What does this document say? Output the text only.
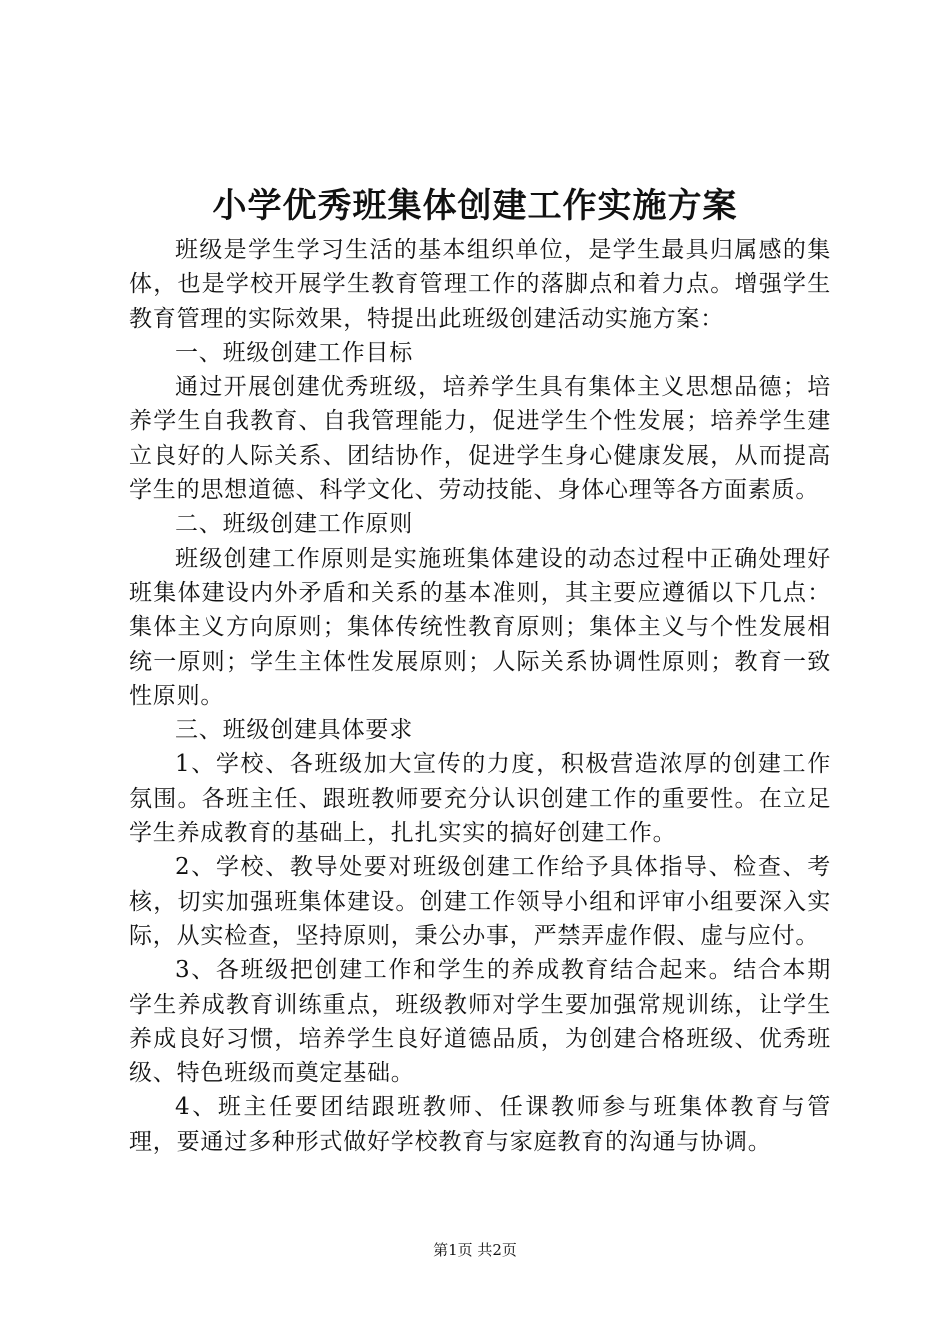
小学优秀班集体创建工作实施方案

班级是学生学习生活的基本组织单位，是学生最具归属感的集体，也是学校开展学生教育管理工作的落脚点和着力点。增强学生教育管理的实际效果，特提出此班级创建活动实施方案：

一、班级创建工作目标

通过开展创建优秀班级，培养学生具有集体主义思想品德；培养学生自我教育、自我管理能力，促进学生个性发展；培养学生建立良好的人际关系、团结协作，促进学生身心健康发展，从而提高学生的思想道德、科学文化、劳动技能、身体心理等各方面素质。

二、班级创建工作原则

班级创建工作原则是实施班集体建设的动态过程中正确处理好班集体建设内外矛盾和关系的基本准则，其主要应遵循以下几点：集体主义方向原则；集体传统性教育原则；集体主义与个性发展相统一原则；学生主体性发展原则；人际关系协调性原则；教育一致性原则。

三、班级创建具体要求

1、学校、各班级加大宣传的力度，积极营造浓厚的创建工作氛围。各班主任、跟班教师要充分认识创建工作的重要性。在立足学生养成教育的基础上，扎扎实实的搞好创建工作。

2、学校、教导处要对班级创建工作给予具体指导、检查、考核，切实加强班集体建设。创建工作领导小组和评审小组要深入实际，从实检查，坚持原则，秉公办事，严禁弄虚作假、虚与应付。

3、各班级把创建工作和学生的养成教育结合起来。结合本期学生养成教育训练重点，班级教师对学生要加强常规训练，让学生养成良好习惯，培养学生良好道德品质，为创建合格班级、优秀班级、特色班级而奠定基础。

4、班主任要团结跟班教师、任课教师参与班集体教育与管理，要通过多种形式做好学校教育与家庭教育的沟通与协调。

第1页 共2页
